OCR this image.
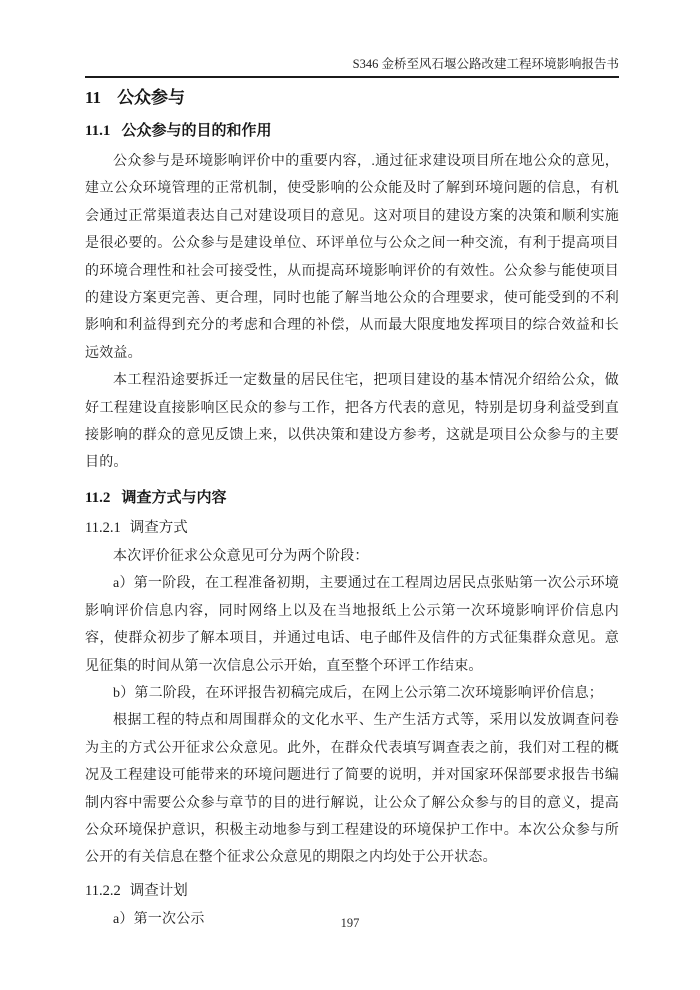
S346 金桥至风石堰公路改建工程环境影响报告书
11 公众参与
11.1 公众参与的目的和作用

公众参与是环境影响评价中的重要内容，.通过征求建设项目所在地公众的意见，建立公众环境管理的正常机制，使受影响的公众能及时了解到环境问题的信息，有机会通过正常渠道表达自己对建设项目的意见。这对项目的建设方案的决策和顺利实施是很必要的。公众参与是建设单位、环评单位与公众之间一种交流，有利于提高项目的环境合理性和社会可接受性，从而提高环境影响评价的有效性。公众参与能使项目的建设方案更完善、更合理，同时也能了解当地公众的合理要求，使可能受到的不利影响和利益得到充分的考虑和合理的补偿，从而最大限度地发挥项目的综合效益和长远效益。

本工程沿途要拆迁一定数量的居民住宅，把项目建设的基本情况介绍给公众，做好工程建设直接影响区民众的参与工作，把各方代表的意见，特别是切身利益受到直接影响的群众的意见反馈上来，以供决策和建设方参考，这就是项目公众参与的主要目的。

11.2 调查方式与内容
11.2.1 调查方式

本次评价征求公众意见可分为两个阶段：

a）第一阶段，在工程准备初期，主要通过在工程周边居民点张贴第一次公示环境影响评价信息内容，同时网络上以及在当地报纸上公示第一次环境影响评价信息内容，使群众初步了解本项目，并通过电话、电子邮件及信件的方式征集群众意见。意见征集的时间从第一次信息公示开始，直至整个环评工作结束。

b）第二阶段，在环评报告初稿完成后，在网上公示第二次环境影响评价信息；

根据工程的特点和周围群众的文化水平、生产生活方式等，采用以发放调查问卷为主的方式公开征求公众意见。此外，在群众代表填写调查表之前，我们对工程的概况及工程建设可能带来的环境问题进行了简要的说明，并对国家环保部要求报告书编制内容中需要公众参与章节的目的进行解说，让公众了解公众参与的目的意义，提高公众环境保护意识，积极主动地参与到工程建设的环境保护工作中。本次公众参与所公开的有关信息在整个征求公众意见的期限之内均处于公开状态。

11.2.2 调查计划

a）第一次公示	197
